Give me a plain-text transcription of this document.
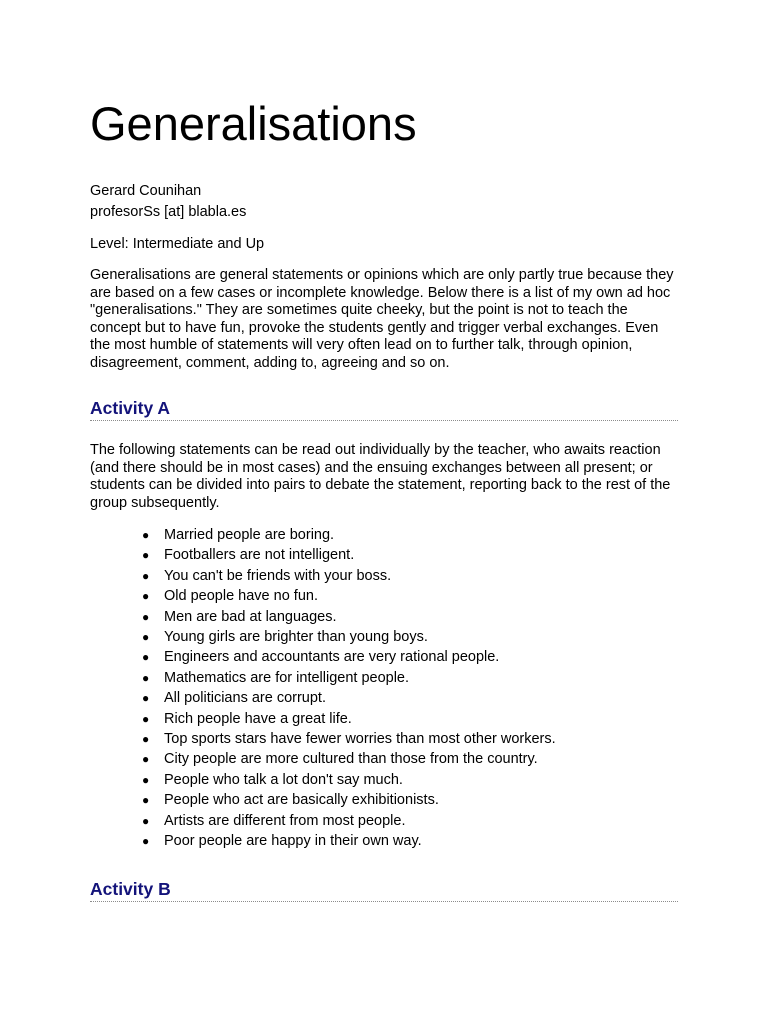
Generalisations
Gerard Counihan
profesorSs [at] blabla.es
Level: Intermediate and Up

Generalisations are general statements or opinions which are only partly true because they are based on a few cases or incomplete knowledge. Below there is a list of my own ad hoc "generalisations." They are sometimes quite cheeky, but the point is not to teach the concept but to have fun, provoke the students gently and trigger verbal exchanges. Even the most humble of statements will very often lead on to further talk, through opinion, disagreement, comment, adding to, agreeing and so on.

Activity A

The following statements can be read out individually by the teacher, who awaits reaction (and there should be in most cases) and the ensuing exchanges between all present; or students can be divided into pairs to debate the statement, reporting back to the rest of the group subsequently.

● Married people are boring.
● Footballers are not intelligent.
● You can't be friends with your boss.
● Old people have no fun.
● Men are bad at languages.
● Young girls are brighter than young boys.
● Engineers and accountants are very rational people.
● Mathematics are for intelligent people.
● All politicians are corrupt.
● Rich people have a great life.
● Top sports stars have fewer worries than most other workers.
● City people are more cultured than those from the country.
● People who talk a lot don't say much.
● People who act are basically exhibitionists.
● Artists are different from most people.
● Poor people are happy in their own way.
Activity B
